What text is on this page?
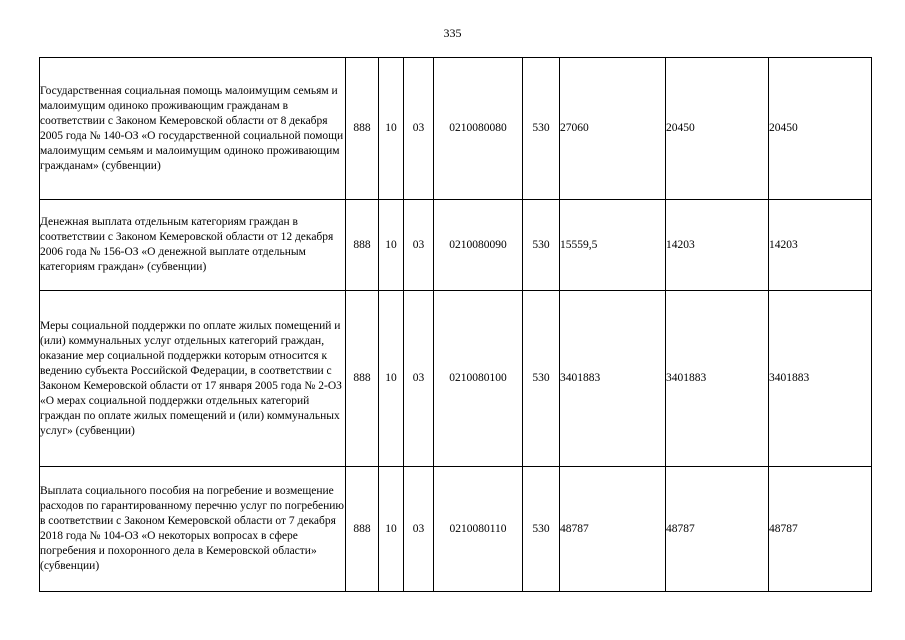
335
Государственная социальная помощь малоимущим семьям и малоимущим одиноко проживающим гражданам в соответствии с Законом Кемеровской области от 8 декабря 2005 года № 140-ОЗ «О государственной социальной помощи малоимущим семьям и малоимущим одиноко проживающим гражданам» (субвенции)	888	10	03	0210080080	530	27060	20450	20450
Денежная выплата отдельным категориям граждан в соответствии с Законом Кемеровской области от 12 декабря 2006 года № 156-ОЗ «О денежной выплате отдельным категориям граждан» (субвенции)	888	10	03	0210080090	530	15559,5	14203	14203
Меры социальной поддержки по оплате жилых помещений и (или) коммунальных услуг отдельных категорий граждан, оказание мер социальной поддержки которым относится к ведению субъекта Российской Федерации, в соответствии с Законом Кемеровской области от 17 января 2005 года № 2-ОЗ «О мерах социальной поддержки отдельных категорий граждан по оплате жилых помещений и (или) коммунальных услуг» (субвенции)	888	10	03	0210080100	530	3401883	3401883	3401883
Выплата социального пособия на погребение и возмещение расходов по гарантированному перечню услуг по погребению в соответствии с Законом Кемеровской области от 7 декабря 2018 года № 104-ОЗ «О некоторых вопросах в сфере погребения и похоронного дела в Кемеровской области» (субвенции)	888	10	03	0210080110	530	48787	48787	48787
